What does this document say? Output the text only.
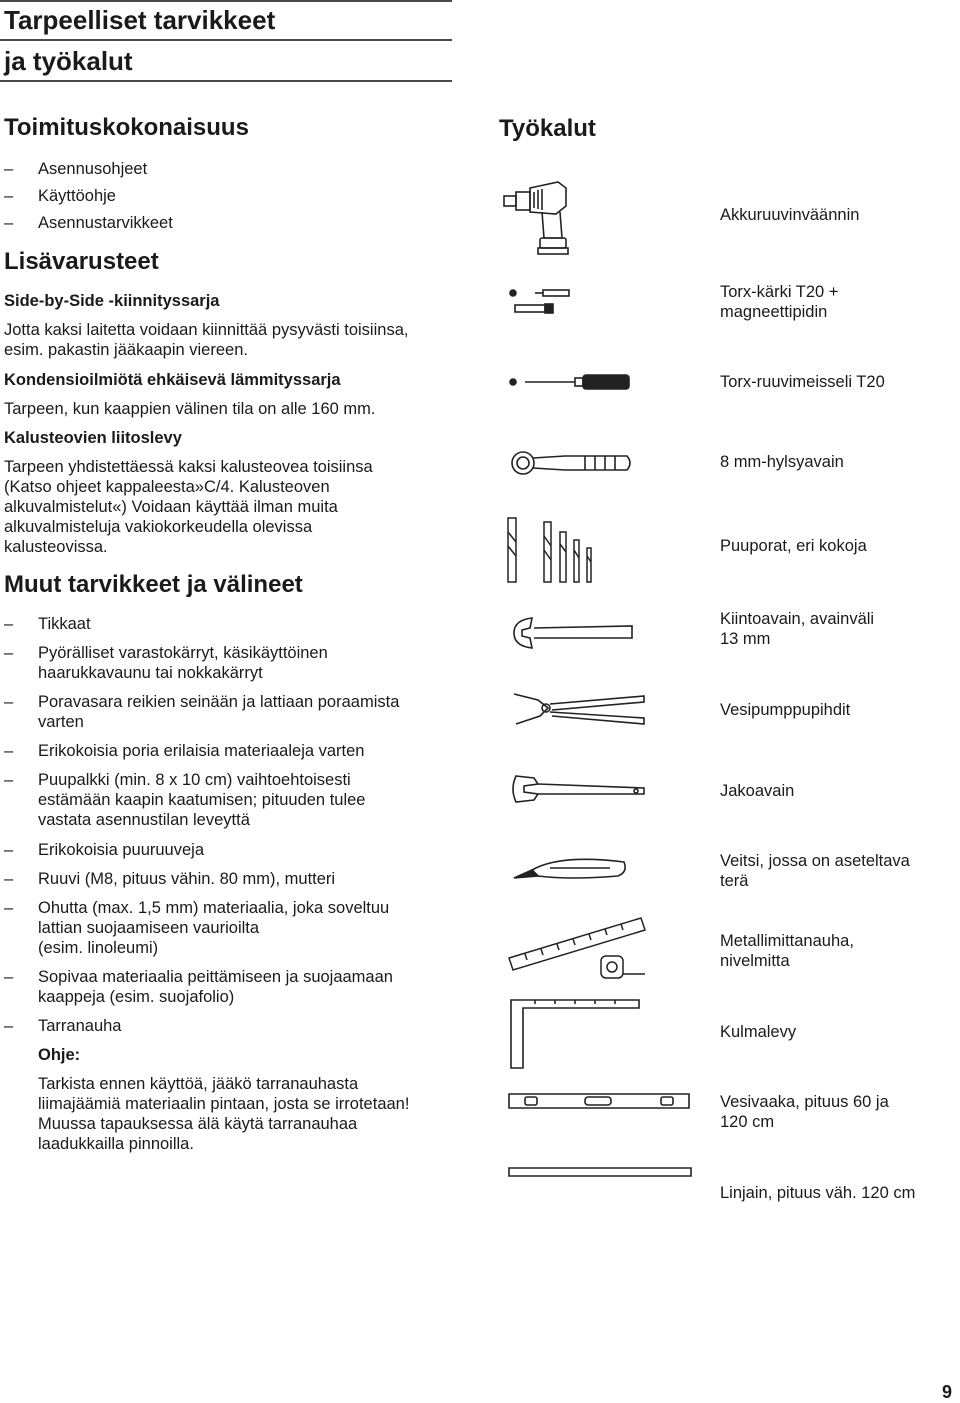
Tarpeelliset tarvikkeet
ja työkalut
Toimituskokonaisuus
–	Asennusohjeet
–	Käyttöohje
–	Asennustarvikkeet
Lisävarusteet
Side-by-Side -kiinnityssarja
Jotta kaksi laitetta voidaan kiinnittää pysyvästi toisiinsa,
esim. pakastin jääkaapin viereen.
Kondensioilmiötä ehkäisevä lämmityssarja
Tarpeen, kun kaappien välinen tila on alle 160 mm.
Kalusteovien liitoslevy
Tarpeen yhdistettäessä kaksi kalusteovea toisiinsa
(Katso ohjeet kappaleesta»C/4. Kalusteoven
alkuvalmistelut«) Voidaan käyttää ilman muita
alkuvalmisteluja vakiokorkeudella olevissa
kalusteovissa.
Muut tarvikkeet ja välineet
–	Tikkaat
–	Pyörälliset varastokärryt, käsikäyttöinen
haarukkavaunu tai nokkakärryt
–	Poravasara reikien seinään ja lattiaan poraamista
varten
–	Erikokoisia poria erilaisia materiaaleja varten
–	Puupalkki (min. 8 x 10 cm) vaihtoehtoisesti
estämään kaapin kaatumisen; pituuden tulee
vastata asennustilan leveyttä
–	Erikokoisia puuruuveja
–	Ruuvi (M8, pituus vähin. 80 mm), mutteri
–	Ohutta (max. 1,5 mm) materiaalia, joka soveltuu
lattian suojaamiseen vaurioilta
(esim. linoleumi)
–	Sopivaa materiaalia peittämiseen ja suojaamaan
kaappeja (esim. suojafolio)
–	Tarranauha
Ohje:
Tarkista ennen käyttöä, jääkö tarranauhasta
liimajäämiä materiaalin pintaan, josta se irrotetaan!
Muussa tapauksessa älä käytä tarranauhaa
laadukkailla pinnoilla.
Työkalut
Akkuruuvinväännin
Torx-kärki T20 +
magneettipidin
Torx-ruuvimeisseli T20
8 mm-hylsyavain
Puuporat, eri kokoja
Kiintoavain, avainväli
13 mm
Vesipumppupihdit
Jakoavain
Veitsi, jossa on aseteltava
terä
Metallimittanauha,
nivelmitta
Kulmalevy
Vesivaaka, pituus 60 ja
120 cm
Linjain, pituus väh. 120 cm
9
